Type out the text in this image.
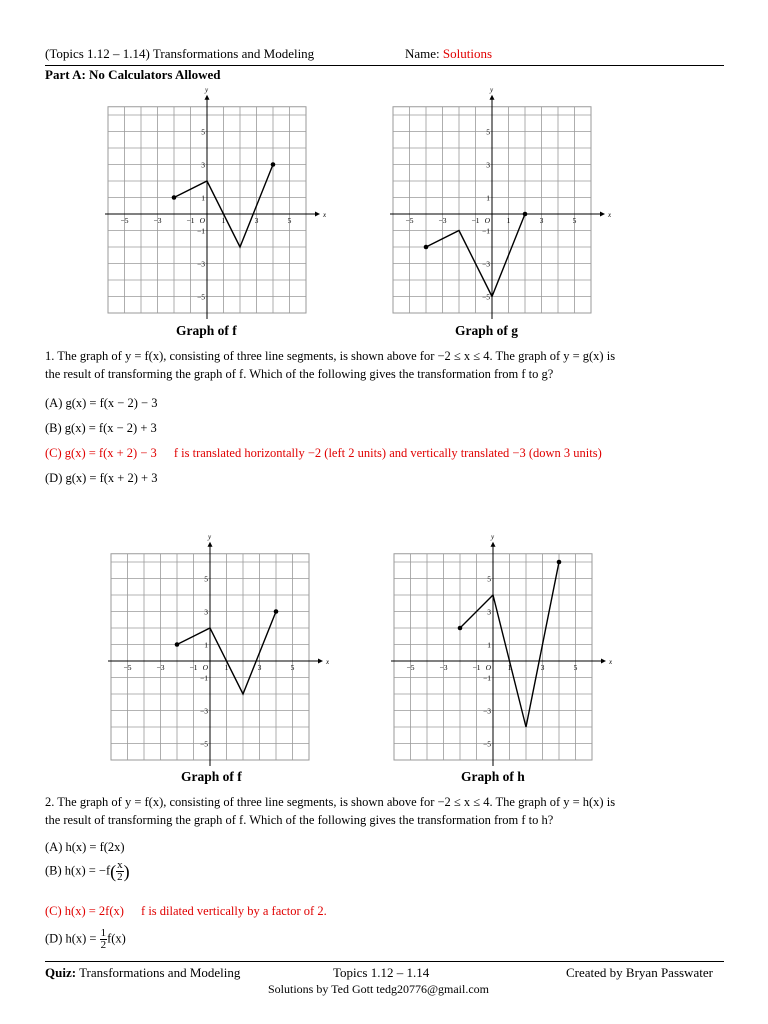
(Topics 1.12 – 1.14) Transformations and Modeling	Name: Solutions
Part A: No Calculators Allowed
x
y
−5	−3	−1	1	3	5
5
3
1
−1
−3
−5
O
x
y
−5	−3	−1	1	3	5
5
3
1
−1
−3
−5
O
Graph of f	Graph of g
1. The graph of y = f(x), consisting of three line segments, is shown above for −2 ≤ x ≤ 4. The graph of y = g(x) is
the result of transforming the graph of f. Which of the following gives the transformation from f to g?
(A) g(x) = f(x − 2) − 3
(B) g(x) = f(x − 2) + 3
(C) g(x) = f(x + 2) − 3 f is translated horizontally −2 (left 2 units) and vertically translated −3 (down 3 units)
(D) g(x) = f(x + 2) + 3
x
y
−5	−3	−1	1	3	5
5
3
1
−1
−3
−5
O
x
y
−5	−3	−1	1	3	5
5
3
1
−1
−3
−5
O
Graph of f	Graph of h
2. The graph of y = f(x), consisting of three line segments, is shown above for −2 ≤ x ≤ 4. The graph of y = h(x) is
the result of transforming the graph of f. Which of the following gives the transformation from f to h?
(A) h(x) = f(2x)
(B) $h(x) = -f( \frac{x}{2}$ )
(C) h(x) = 2f(x) f is dilated vertically by a factor of 2.
(D) $h(x) = \frac{1}{2} f(x)$
Quiz: Transformations and Modeling	Topics 1.12 – 1.14	Created by Bryan Passwater
Solutions by Ted Gott tedg20776@gmail.com
